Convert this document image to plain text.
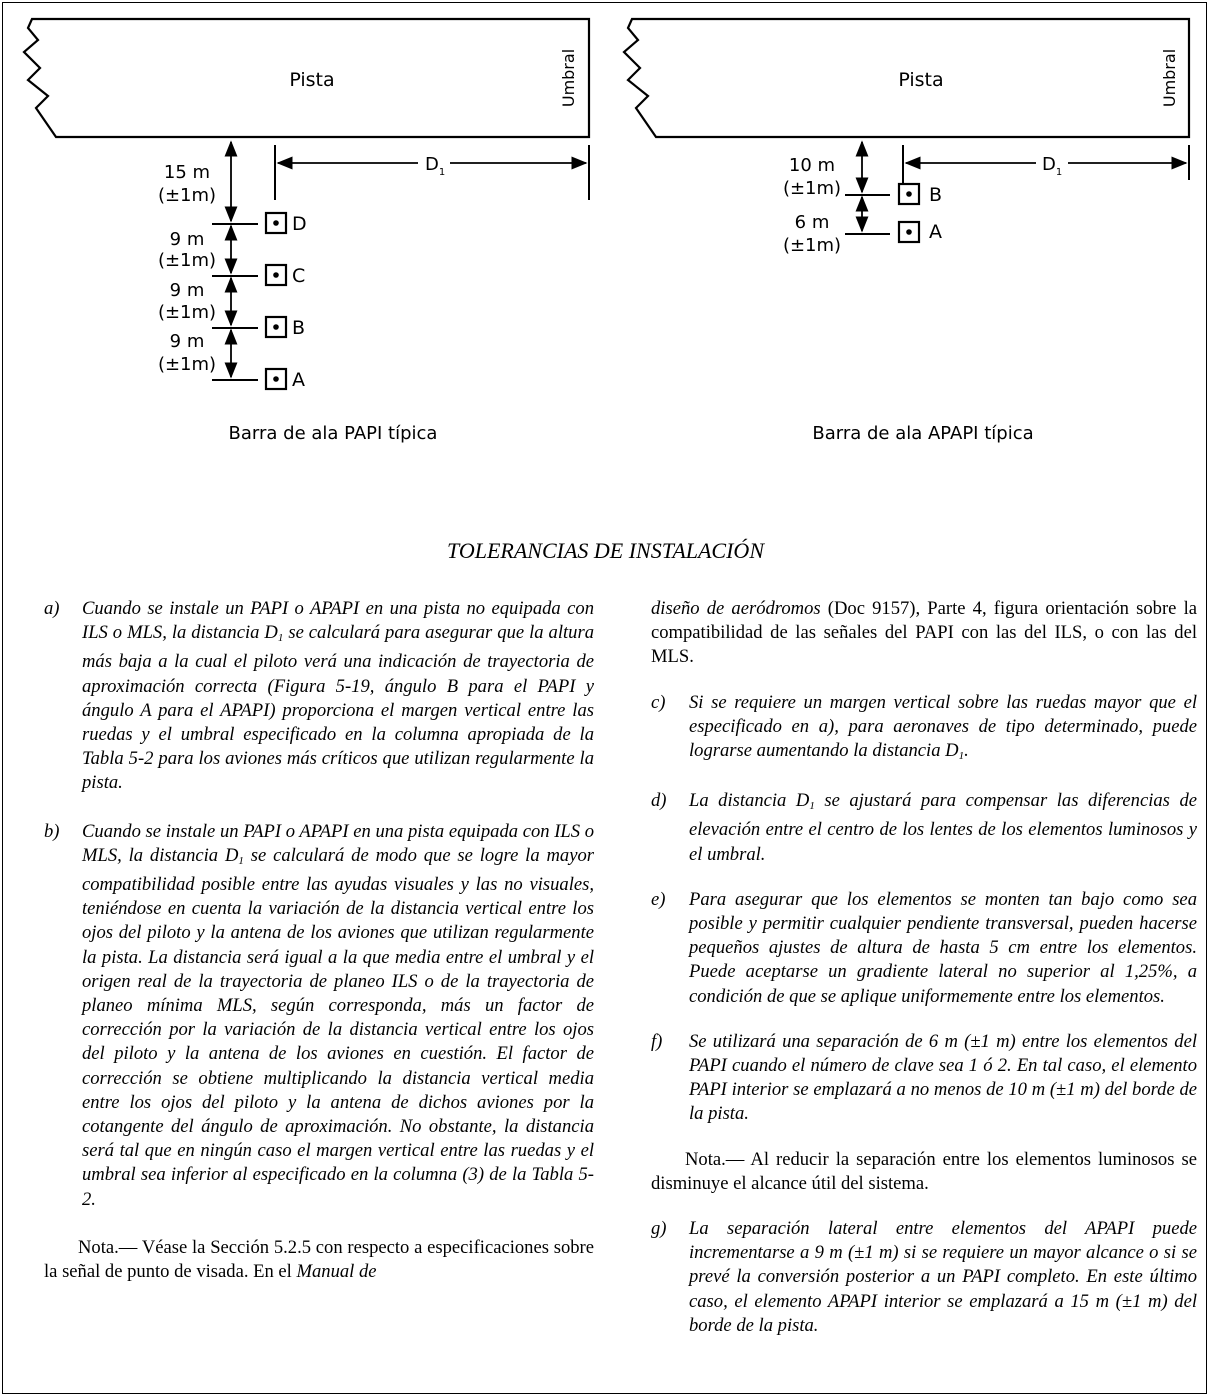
Pista	Umbral
$D_1$
15 m
(±1m)
9 m
(±1m)
9 m
(±1m)
9 m
(±1m)
D
C
B
A
Barra de ala PAPI típica
Pista	Umbral
$D_1$
10 m
(±1m)
6 m
(±1m)
B
A
Barra de ala APAPI típica
TOLERANCIAS DE INSTALACIÓN

a) Cuando se instale un PAPI o APAPI en una pista no equipada con ILS o MLS, la distancia $D_1$ se calculará para asegurar que la altura más baja a la cual el piloto verá una indicación de trayectoria de aproximación correcta (Figura 5-19, ángulo B para el PAPI y ángulo A para el APAPI) proporciona el margen vertical entre las ruedas y el umbral especificado en la columna apropiada de la Tabla 5-2 para los aviones más críticos que utilizan regularmente la pista.

b) Cuando se instale un PAPI o APAPI en una pista equipada con ILS o MLS, la distancia $D_1$ se calculará de modo que se logre la mayor compatibilidad posible entre las ayudas visuales y las no visuales, teniéndose en cuenta la variación de la distancia vertical entre los ojos del piloto y la antena de los aviones que utilizan regularmente la pista. La distancia será igual a la que media entre el umbral y el origen real de la trayectoria de planeo ILS o de la trayectoria de planeo mínima MLS, según corresponda, más un factor de corrección por la variación de la distancia vertical entre los ojos del piloto y la antena de los aviones en cuestión. El factor de corrección se obtiene multiplicando la distancia vertical media entre los ojos del piloto y la antena de dichos aviones por la cotangente del ángulo de aproximación. No obstante, la distancia será tal que en ningún caso el margen vertical entre las ruedas y el umbral sea inferior al especificado en la columna (3) de la Tabla 5-2.

Nota.— Véase la Sección 5.2.5 con respecto a especificaciones sobre la señal de punto de visada. En el Manual de

diseño de aeródromos (Doc 9157), Parte 4, figura orientación sobre la compatibilidad de las señales del PAPI con las del ILS, o con las del MLS.

c) Si se requiere un margen vertical sobre las ruedas mayor que el especificado en a), para aeronaves de tipo determinado, puede lograrse aumentando la distancia $D_1$.

d) La distancia $D_1$ se ajustará para compensar las diferencias de elevación entre el centro de los lentes de los elementos luminosos y el umbral.

e) Para asegurar que los elementos se monten tan bajo como sea posible y permitir cualquier pendiente transversal, pueden hacerse pequeños ajustes de altura de hasta 5 cm entre los elementos. Puede aceptarse un gradiente lateral no superior al 1,25%, a condición de que se aplique uniformemente entre los elementos.

f) Se utilizará una separación de 6 m (±1 m) entre los elementos del PAPI cuando el número de clave sea 1 ó 2. En tal caso, el elemento PAPI interior se emplazará a no menos de 10 m (±1 m) del borde de la pista.

Nota.— Al reducir la separación entre los elementos luminosos se disminuye el alcance útil del sistema.

g) La separación lateral entre elementos del APAPI puede incrementarse a 9 m (±1 m) si se requiere un mayor alcance o si se prevé la conversión posterior a un PAPI completo. En este último caso, el elemento APAPI interior se emplazará a 15 m (±1 m) del borde de la pista.
